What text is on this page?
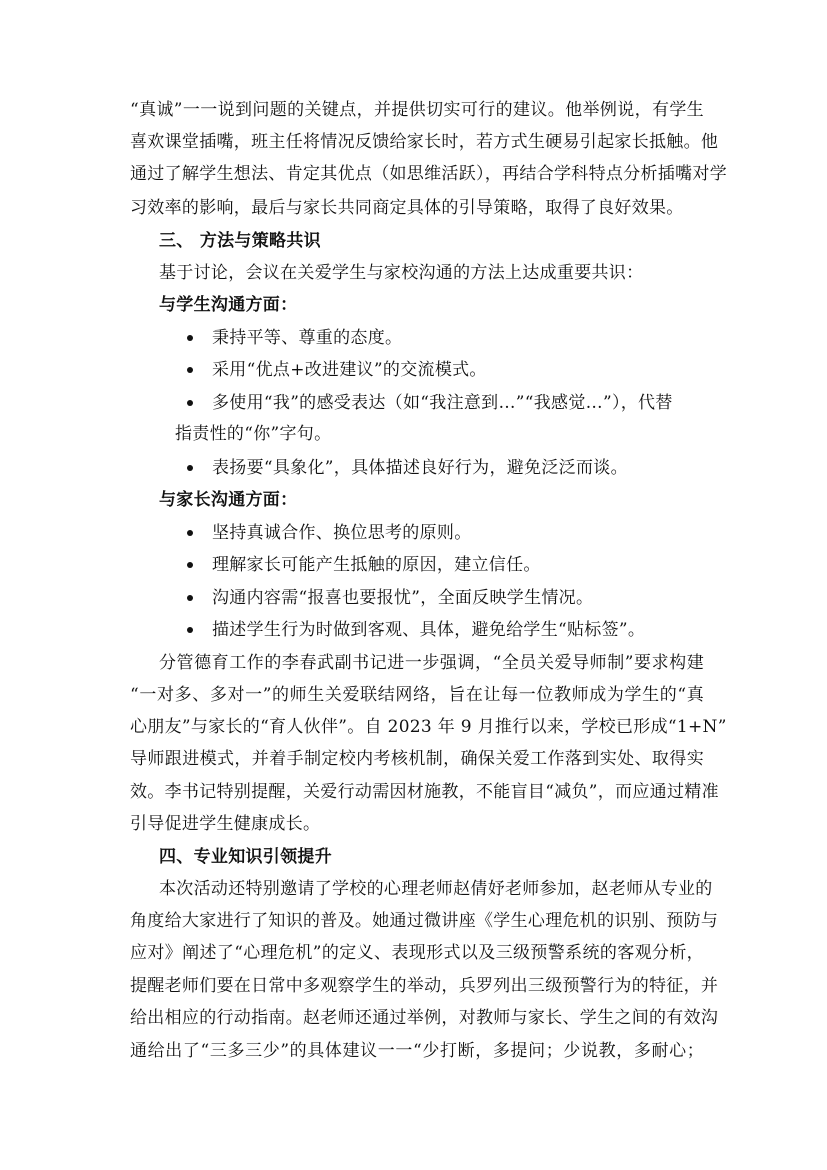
“真诚”一一说到问题的关键点，并提供切实可行的建议。他举例说，有学生
喜欢课堂插嘴，班主任将情况反馈给家长时，若方式生硬易引起家长抵触。他
通过了解学生想法、肯定其优点（如思维活跃），再结合学科特点分析插嘴对学
习效率的影响，最后与家长共同商定具体的引导策略，取得了良好效果。
三、 方法与策略共识
基于讨论，会议在关爱学生与家校沟通的方法上达成重要共识：
与学生沟通方面：
秉持平等、尊重的态度。
采用“优点+改进建议”的交流模式。
多使用“我”的感受表达（如“我注意到…”“我感觉…”），代替
指责性的“你”字句。
表扬要“具象化”，具体描述良好行为，避免泛泛而谈。
与家长沟通方面：
坚持真诚合作、换位思考的原则。
理解家长可能产生抵触的原因，建立信任。
沟通内容需“报喜也要报忧”，全面反映学生情况。
描述学生行为时做到客观、具体，避免给学生“贴标签”。
分管德育工作的李春武副书记进一步强调，“全员关爱导师制”要求构建
“一对多、多对一”的师生关爱联结网络，旨在让每一位教师成为学生的“真
心朋友”与家长的“育人伙伴”。自 2023 年 9 月推行以来，学校已形成“1+N”
导师跟进模式，并着手制定校内考核机制，确保关爱工作落到实处、取得实
效。李书记特别提醒，关爱行动需因材施教，不能盲目“减负”，而应通过精准
引导促进学生健康成长。
四、专业知识引领提升
本次活动还特别邀请了学校的心理老师赵倩妤老师参加，赵老师从专业的
角度给大家进行了知识的普及。她通过微讲座《学生心理危机的识别、预防与
应对》阐述了“心理危机”的定义、表现形式以及三级预警系统的客观分析，
提醒老师们要在日常中多观察学生的举动，兵罗列出三级预警行为的特征，并
给出相应的行动指南。赵老师还通过举例，对教师与家长、学生之间的有效沟
通给出了“三多三少”的具体建议一一“少打断，多提问；少说教，多耐心；
